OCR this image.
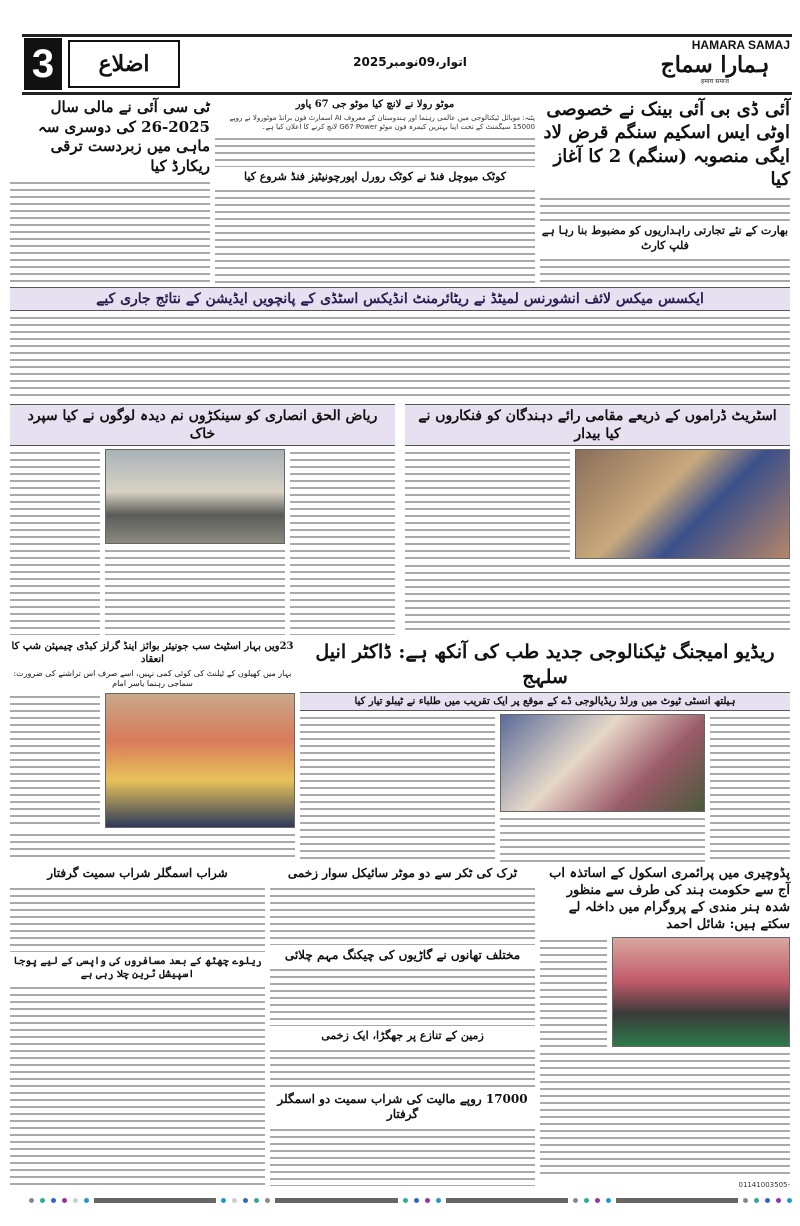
3	اضلاع	اتوار،09نومبر2025
HAMARA SAMAJ
ہمارا سماج
हमारा समाज
آئی ڈی بی آئی بینک نے خصوصی اوٹی ایس اسکیم سنگم قرض لاد ایگی منصوبہ (سنگم) 2 کا آغاز کیا
بھارت کے نئے تجارتی راہداریوں کو مضبوط بنا رہا ہے فلپ کارٹ
موٹو رولا نے لانچ کیا موٹو جی 67 پاور
پٹنہ: موبائل ٹیکنالوجی میں عالمی رہنما اور ہندوستان کے معروف AI اسمارٹ فون برانڈ موٹورولا نے روپے 15000 سیگمنٹ کے تحت اپنا بہترین کیمرہ فون موٹو G67 Power لانچ کرنے کا اعلان کیا ہے۔
کوٹک میوچل فنڈ نے کوٹک رورل اپورچونیٹیز فنڈ شروع کیا
ٹی سی آئی نے مالی سال 2025-26 کی دوسری سہ ماہی میں زبردست ترقی ریکارڈ کیا
ایکسس میکس لائف انشورنس لمیٹڈ نے ریٹائرمنٹ انڈیکس اسٹڈی کے پانچویں ایڈیشن کے نتائج جاری کیے
اسٹریٹ ڈراموں کے ذریعے مقامی رائے دہندگان کو فنکاروں نے کیا بیدار
ریاض الحق انصاری کو سینکڑوں نم دیدہ لوگوں نے کیا سپرد خاک
23ویں بہار اسٹیٹ سب جونیئر بوائز اینڈ گرلز کبڈی چیمپئن شپ کا انعقاد
بہار میں کھیلوں کے ٹیلنٹ کی کوئی کمی نہیں، اسے صرف اس تراشنے کی ضرورت: سماجی رہنما یاسر امام
ریڈیو امیجنگ ٹیکنالوجی جدید طب کی آنکھ ہے: ڈاکٹر انیل سلہج
ہیلتھ انسٹی ٹیوٹ میں ورلڈ ریڈیالوجی ڈے کے موقع پر ایک تقریب میں طلباء نے ٹیبلو تیار کیا
پڈوچیری میں پرائمری اسکول کے اساتذہ اب آج سے حکومت ہند کی طرف سے منظور شدہ ہنر مندی کے پروگرام میں داخلہ لے سکتے ہیں: شائل احمد
01141003505-
ٹرک کی ٹکر سے دو موٹر سائیکل سوار زخمی
مختلف تھانوں نے گاڑیوں کی چیکنگ مہم چلائی
زمین کے تنازع پر جھگڑا، ایک زخمی
17000 روپے مالیت کی شراب سمیت دو اسمگلر گرفتار
شراب اسمگلر شراب سمیت گرفتار
ریلوے چھٹھ کے بعد مسافروں کی واپسی کے لیے پوجا اسپیشل ٹرین چلا رہی ہے
